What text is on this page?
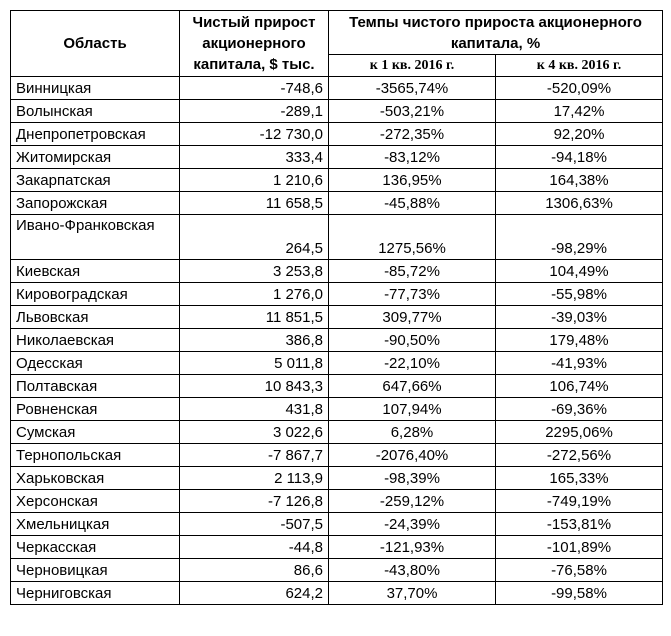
Область	Чистый прирост акционерного капитала, $ тыс.	Темпы чистого прироста акционерного капитала, %	
		к 1 кв. 2016 г.	к 4 кв. 2016 г.
Винницкая	-748,6	-3565,74%	-520,09%
Волынская	-289,1	-503,21%	17,42%
Днепропетровская	-12 730,0	-272,35%	92,20%
Житомирская	333,4	-83,12%	-94,18%
Закарпатская	1 210,6	136,95%	164,38%
Запорожская	11 658,5	-45,88%	1306,63%
Ивано-Франковская	264,5	1275,56%	-98,29%
Киевская	3 253,8	-85,72%	104,49%
Кировоградская	1 276,0	-77,73%	-55,98%
Львовская	11 851,5	309,77%	-39,03%
Николаевская	386,8	-90,50%	179,48%
Одесская	5 011,8	-22,10%	-41,93%
Полтавская	10 843,3	647,66%	106,74%
Ровненская	431,8	107,94%	-69,36%
Сумская	3 022,6	6,28%	2295,06%
Тернопольская	-7 867,7	-2076,40%	-272,56%
Харьковская	2 113,9	-98,39%	165,33%
Херсонская	-7 126,8	-259,12%	-749,19%
Хмельницкая	-507,5	-24,39%	-153,81%
Черкасская	-44,8	-121,93%	-101,89%
Черновицкая	86,6	-43,80%	-76,58%
Черниговская	624,2	37,70%	-99,58%
